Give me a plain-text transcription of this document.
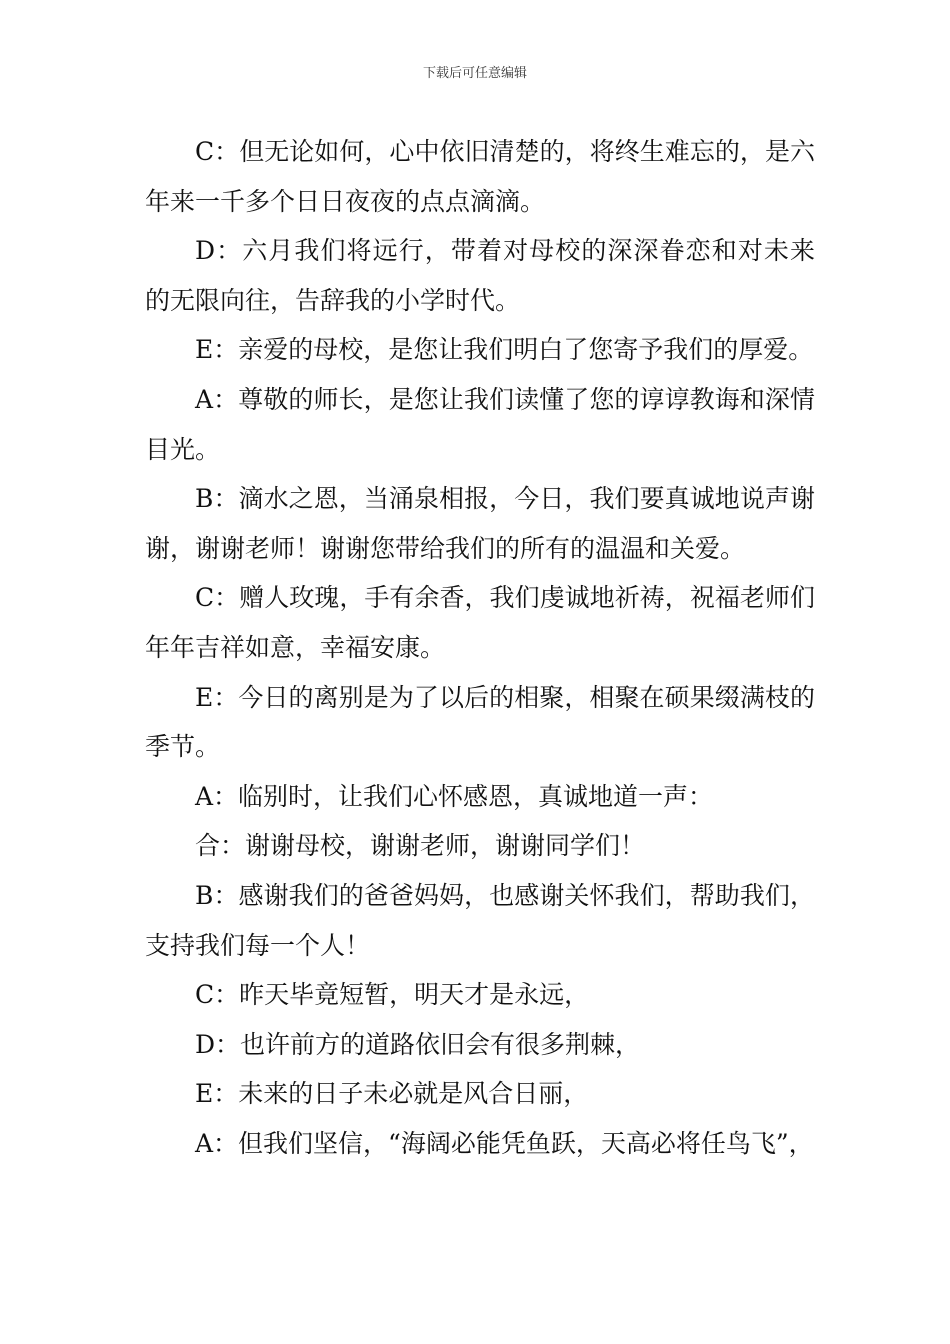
下载后可任意编辑

C：但无论如何，心中依旧清楚的，将终生难忘的，是六年来一千多个日日夜夜的点点滴滴。

D：六月我们将远行，带着对母校的深深眷恋和对未来的无限向往，告辞我的小学时代。

E：亲爱的母校，是您让我们明白了您寄予我们的厚爱。

A：尊敬的师长，是您让我们读懂了您的谆谆教诲和深情目光。

B：滴水之恩，当涌泉相报，今日，我们要真诚地说声谢谢，谢谢老师！谢谢您带给我们的所有的温温和关爱。

C：赠人玫瑰，手有余香，我们虔诚地祈祷，祝福老师们年年吉祥如意，幸福安康。

E：今日的离别是为了以后的相聚，相聚在硕果缀满枝的季节。

A：临别时，让我们心怀感恩，真诚地道一声：

合：谢谢母校，谢谢老师，谢谢同学们！

B：感谢我们的爸爸妈妈，也感谢关怀我们，帮助我们，支持我们每一个人！

C：昨天毕竟短暂，明天才是永远，

D：也许前方的道路依旧会有很多荆棘，

E：未来的日子未必就是风合日丽，

A：但我们坚信，“海阔必能凭鱼跃，天高必将任鸟飞”，
